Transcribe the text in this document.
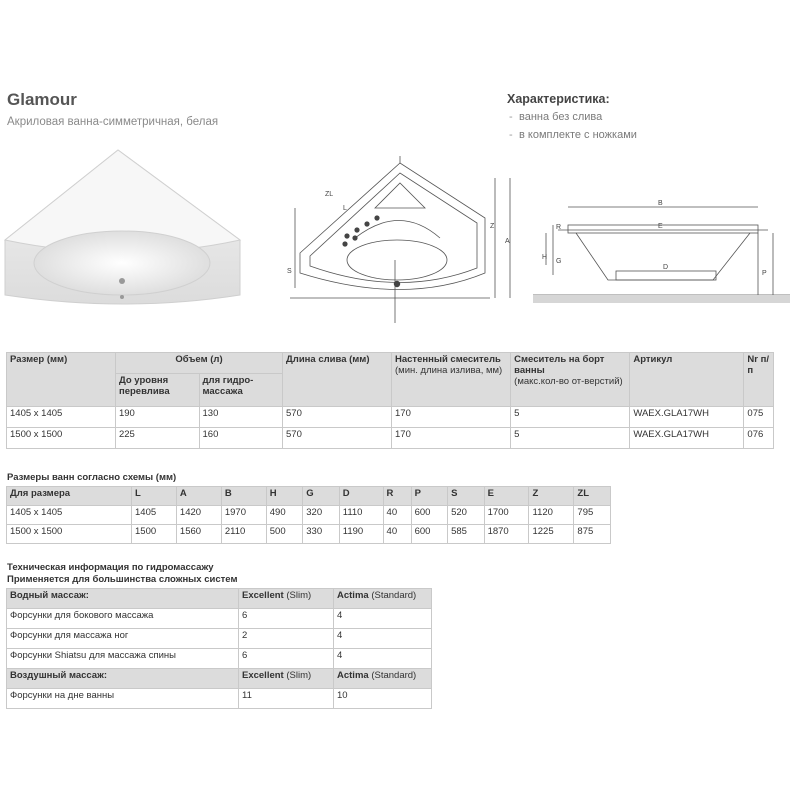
Glamour
Акриловая ванна-симметричная, белая
Характеристика:
- ванна без слива
- в комплекте с ножками
ZL
L
S
Z
A
B
E
R
H
G
D
P
Размер (мм)	Объем (л)		Длина слива (мм)	Настенный смеситель
(мин. длина излива, мм)	Смеситель на борт ванны
(макс.кол-во от-верстий)	Артикул	Nr п/п
	До уровня перевлива	для гидро-массажа					
1405 x 1405	190	130	570	170	5	WAEX.GLA17WH	075
1500 x 1500	225	160	570	170	5	WAEX.GLA17WH	076
Размеры ванн согласно схемы (мм)
Для размера	L	A	B	H	G	D	R	P	S	E	Z	ZL
1405 x 1405	1405	1420	1970	490	320	1110	40	600	520	1700	1120	795
1500 x 1500	1500	1560	2110	500	330	1190	40	600	585	1870	1225	875
Техническая информация по гидромассажу
Применяется для большинства сложных систем
Водный массаж:	Excellent (Slim)	Actima (Standard)
Форсунки для бокового массажа	6	4
Форсунки для массажа ног	2	4
Форсунки Shiatsu для массажа спины	6	4
Воздушный массаж:	Excellent (Slim)	Actima (Standard)
Форсунки на дне ванны	11	10
